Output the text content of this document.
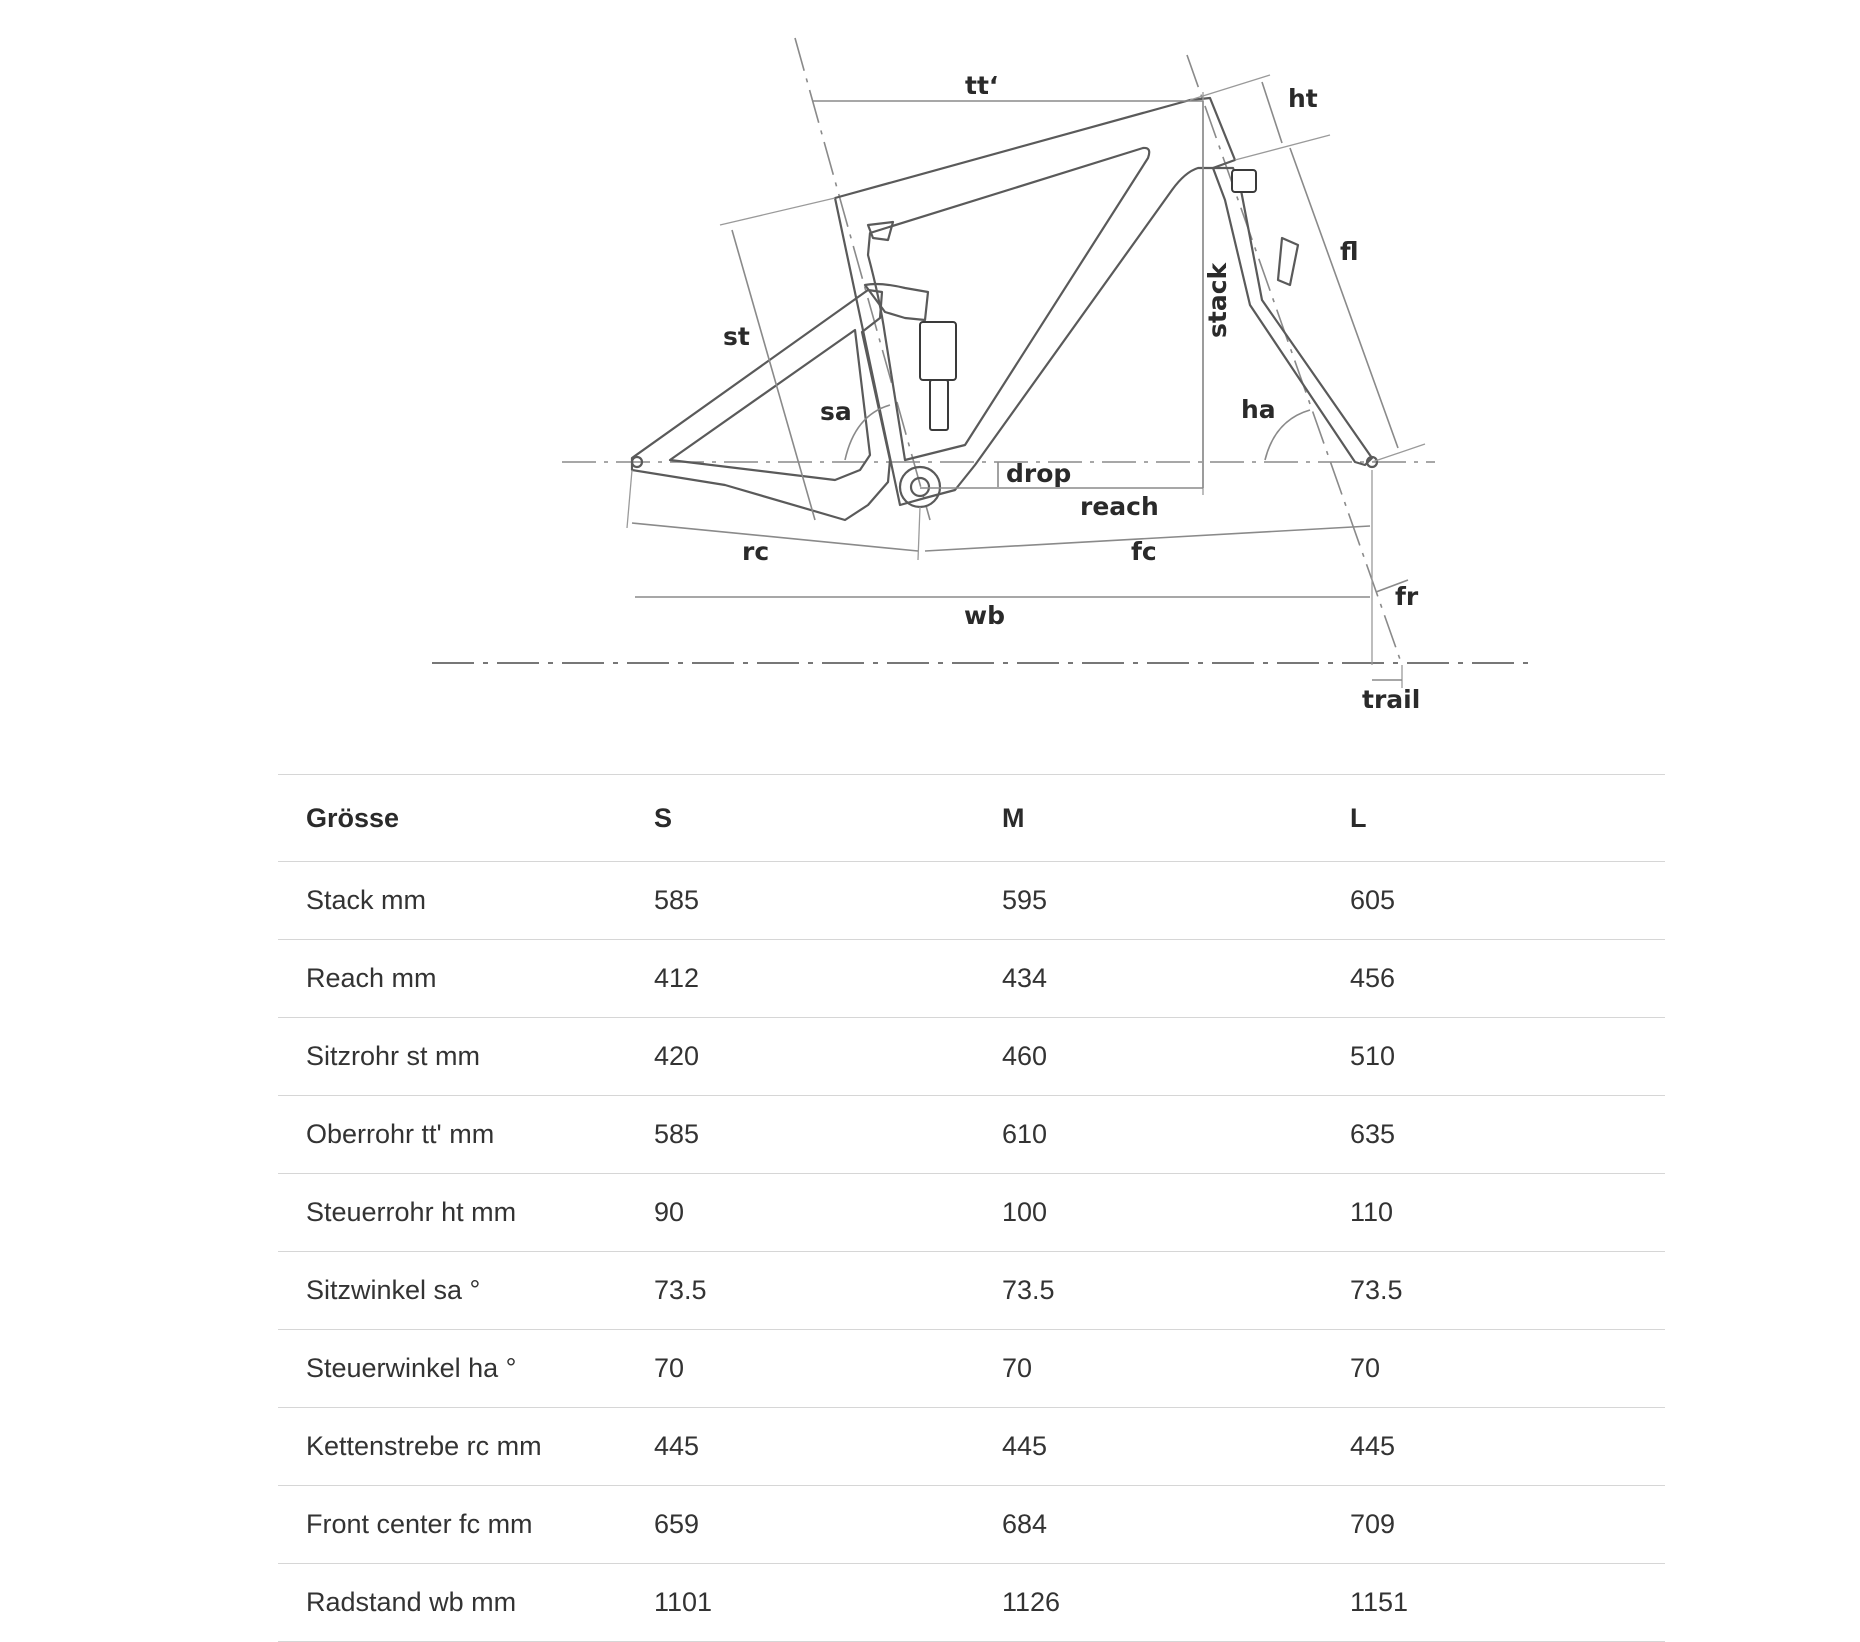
tt‘	ht
fl
stack
st
sa	ha
drop
reach
rc	fc
wb
fr
trail
Grösse	S	M	L
Stack mm	585	595	605
Reach mm	412	434	456
Sitzrohr st mm	420	460	510
Oberrohr tt' mm	585	610	635
Steuerrohr ht mm	90	100	110
Sitzwinkel sa °	73.5	73.5	73.5
Steuerwinkel ha °	70	70	70
Kettenstrebe rc mm	445	445	445
Front center fc mm	659	684	709
Radstand wb mm	1101	1126	1151
